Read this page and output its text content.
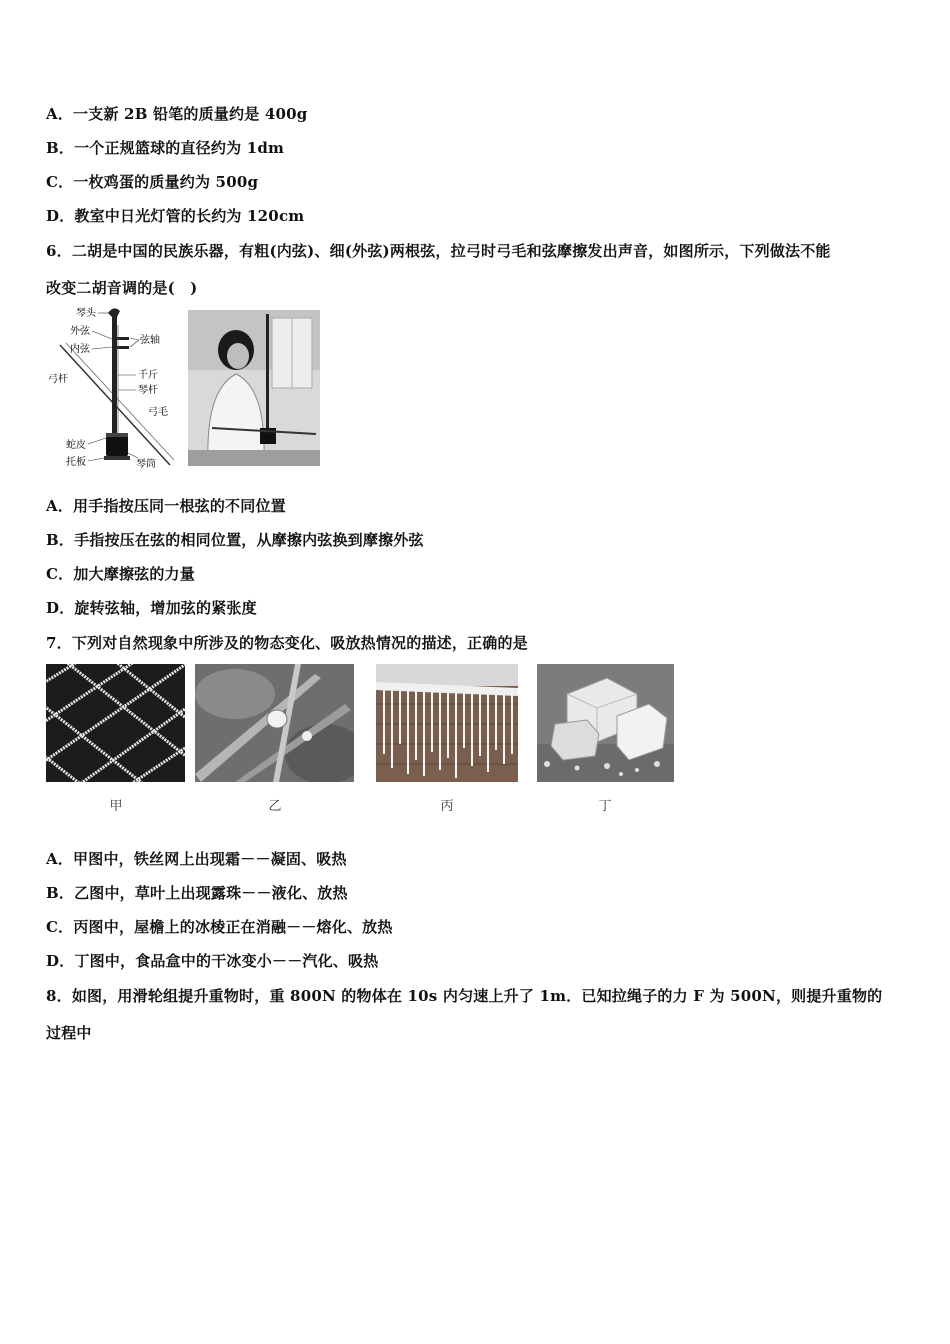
A．一支新 2B 铅笔的质量约是 400g
B．一个正规篮球的直径约为 1dm
C．一枚鸡蛋的质量约为 500g
D．教室中日光灯管的长约为 120cm
6．二胡是中国的民族乐器，有粗(内弦)、细(外弦)两根弦，拉弓时弓毛和弦摩擦发出声音，如图所示，下列做法不能
改变二胡音调的是(　)
琴头
外弦
内弦
弦轴
弓杆	千斤
琴杆
弓毛
蛇皮
托板	琴筒
A．用手指按压同一根弦的不同位置
B．手指按压在弦的相同位置，从摩擦内弦换到摩擦外弦
C．加大摩擦弦的力量
D．旋转弦轴，增加弦的紧张度
7．下列对自然现象中所涉及的物态变化、吸放热情况的描述，正确的是
甲	乙	丙	丁
A．甲图中，铁丝网上出现霜－－凝固、吸热
B．乙图中，草叶上出现露珠－－液化、放热
C．丙图中，屋檐上的冰棱正在消融－－熔化、放热
D．丁图中，食品盒中的干冰变小－－汽化、吸热
8．如图，用滑轮组提升重物时，重 800N 的物体在 10s 内匀速上升了 1m．已知拉绳子的力 F 为 500N，则提升重物的
过程中
